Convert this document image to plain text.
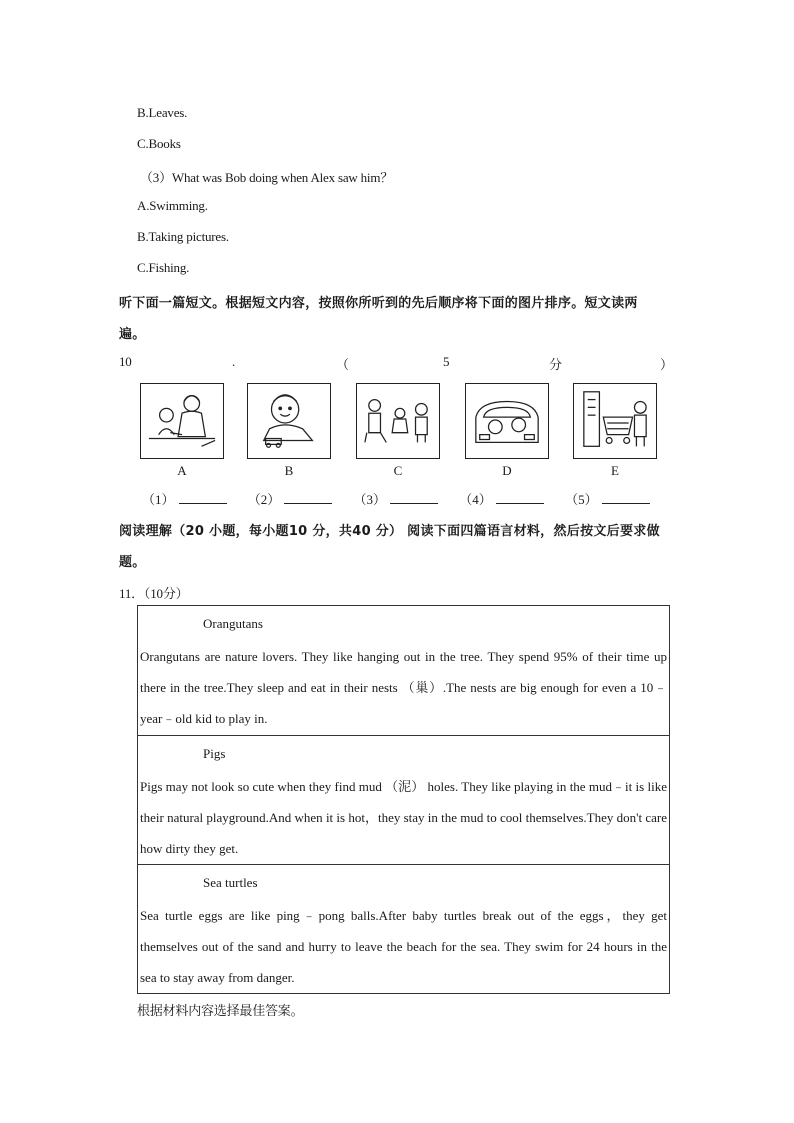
B.Leaves.
C.Books
（3）What was Bob doing when Alex saw him？
A.Swimming.
B.Taking pictures.
C.Fishing.
听下面一篇短文。根据短文内容，按照你所听到的先后顺序将下面的图片排序。短文读两
遍。
10	.	（	5	分	）
A	B	C	D	E
（1）	（2）	（3）	（4）	（5）
阅读理解（20 小题，每小题10 分，共40 分） 阅读下面四篇语言材料，然后按文后要求做
题。
11．（10分）
Orangutans
Orangutans are nature lovers. They like hanging out in the tree. They spend 95% of their time up there in the tree.They sleep and eat in their nests （巢）.The nests are big enough for even a 10﹣year﹣old kid to play in.
Pigs
Pigs may not look so cute when they find mud （泥） holes. They like playing in the mud﹣it is like their natural playground.And when it is hot，they stay in the mud to cool themselves.They don't care how dirty they get.
Sea turtles
Sea turtle eggs are like ping﹣pong balls.After baby turtles break out of the eggs，they get themselves out of the sand and hurry to leave the beach for the sea. They swim for 24 hours in the sea to stay away from danger.
根据材料内容选择最佳答案。
